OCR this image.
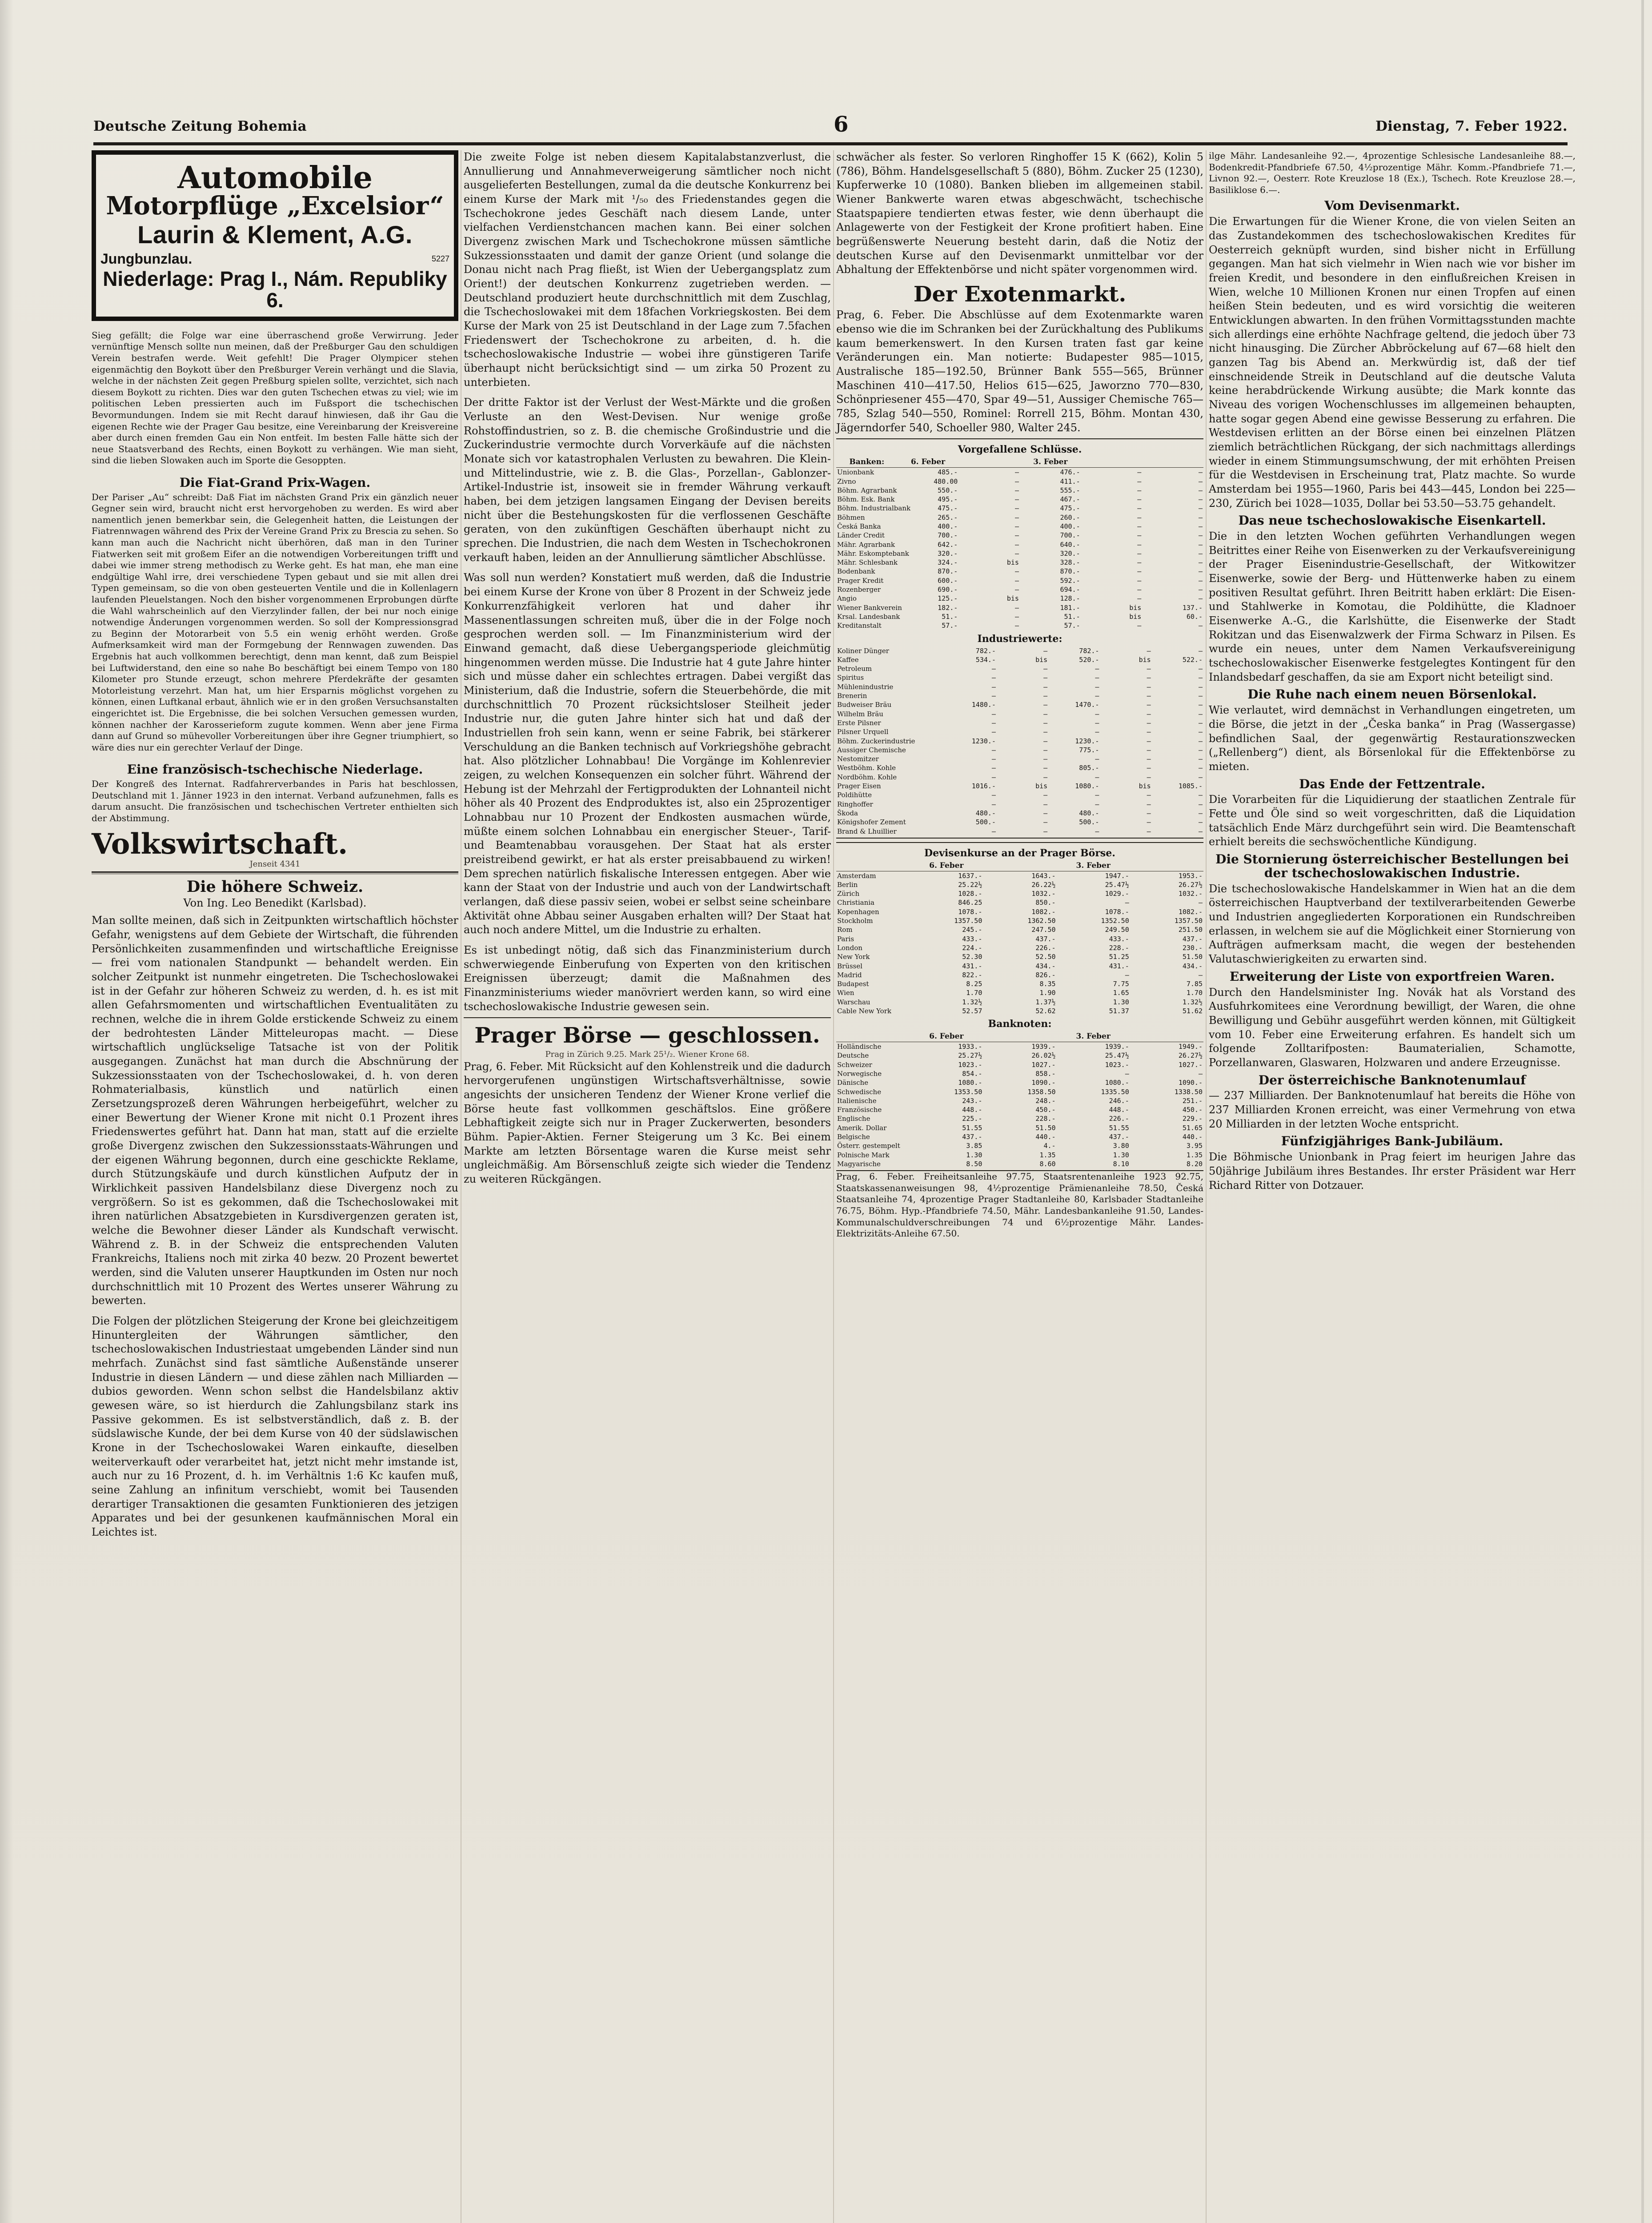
Deutsche Zeitung Bohemia	6	Dienstag, 7. Feber 1922.
Automobile
Motorpflüge „Excelsior“
Laurin & Klement, A.G.
Jungbunzlau.	5227
Niederlage: Prag I., Nám. Republiky 6.

Sieg gefällt; die Folge war eine überraschend große Verwirrung. Jeder vernünftige Mensch sollte nun meinen, daß der Preßburger Gau den schuldigen Verein bestrafen werde. Weit gefehlt! Die Prager Olympicer stehen eigenmächtig den Boykott über den Preßburger Verein verhängt und die Slavia, welche in der nächsten Zeit gegen Preßburg spielen sollte, verzichtet, sich nach diesem Boykott zu richten. Dies war den guten Tschechen etwas zu viel; wie im politischen Leben pressierten auch im Fußsport die tschechischen Bevormundungen. Indem sie mit Recht darauf hinwiesen, daß ihr Gau die eigenen Rechte wie der Prager Gau besitze, eine Vereinbarung der Kreisvereine aber durch einen fremden Gau ein Non entfeit. Im besten Falle hätte sich der neue Staatsverband des Rechts, einen Boykott zu verhängen. Wie man sieht, sind die lieben Slowaken auch im Sporte die Gesoppten.

Die Fiat-Grand Prix-Wagen.

Der Pariser „Au“ schreibt: Daß Fiat im nächsten Grand Prix ein gänzlich neuer Gegner sein wird, braucht nicht erst hervorgehoben zu werden. Es wird aber namentlich jenen bemerkbar sein, die Gelegenheit hatten, die Leistungen der Fiatrennwagen während des Prix der Vereine Grand Prix zu Brescia zu sehen. So kann man auch die Nachricht nicht überhören, daß man in den Turiner Fiatwerken seit mit großem Eifer an die notwendigen Vorbereitungen trifft und dabei wie immer streng methodisch zu Werke geht. Es hat man, ehe man eine endgültige Wahl irre, drei verschiedene Typen gebaut und sie mit allen drei Typen gemeinsam, so die von oben gesteuerten Ventile und die in Kollenlagern laufenden Pleuelstangen. Noch den bisher vorgenommenen Erprobungen dürfte die Wahl wahrscheinlich auf den Vierzylinder fallen, der bei nur noch einige notwendige Änderungen vorgenommen werden. So soll der Kompressionsgrad zu Beginn der Motorarbeit von 5.5 ein wenig erhöht werden. Große Aufmerksamkeit wird man der Formgebung der Rennwagen zuwenden. Das Ergebnis hat auch vollkommen berechtigt, denn man kennt, daß zum Beispiel bei Luftwiderstand, den eine so nahe Bo beschäftigt bei einem Tempo von 180 Kilometer pro Stunde erzeugt, schon mehrere Pferdekräfte der gesamten Motorleistung verzehrt. Man hat, um hier Ersparnis möglichst vorgehen zu können, einen Luftkanal erbaut, ähnlich wie er in den großen Versuchsanstalten eingerichtet ist. Die Ergebnisse, die bei solchen Versuchen gemessen wurden, können nachher der Karosserieform zugute kommen. Wenn aber jene Firma dann auf Grund so mühevoller Vorbereitungen über ihre Gegner triumphiert, so wäre dies nur ein gerechter Verlauf der Dinge.

Eine französisch-tschechische Niederlage.

Der Kongreß des Internat. Radfahrerverbandes in Paris hat beschlossen, Deutschland mit 1. Jänner 1923 in den internat. Verband aufzunehmen, falls es darum ansucht. Die französischen und tschechischen Vertreter enthielten sich der Abstimmung.

Volkswirtschaft.
Jenseit 4341
Die höhere Schweiz.
Von Ing. Leo Benedikt (Karlsbad).

Man sollte meinen, daß sich in Zeitpunkten wirtschaftlich höchster Gefahr, wenigstens auf dem Gebiete der Wirtschaft, die führenden Persönlichkeiten zusammenfinden und wirtschaftliche Ereignisse — frei vom nationalen Standpunkt — behandelt werden. Ein solcher Zeitpunkt ist nunmehr eingetreten. Die Tschechoslowakei ist in der Gefahr zur höheren Schweiz zu werden, d. h. es ist mit allen Gefahrsmomenten und wirtschaftlichen Eventualitäten zu rechnen, welche die in ihrem Golde erstickende Schweiz zu einem der bedrohtesten Länder Mitteleuropas macht. — Diese wirtschaftlich unglückselige Tatsache ist von der Politik ausgegangen. Zunächst hat man durch die Abschnürung der Sukzessionsstaaten von der Tschechoslowakei, d. h. von deren Rohmaterialbasis, künstlich und natürlich einen Zersetzungsprozeß deren Währungen herbeigeführt, welcher zu einer Bewertung der Wiener Krone mit nicht 0.1 Prozent ihres Friedenswertes geführt hat. Dann hat man, statt auf die erzielte große Divergenz zwischen den Sukzessionsstaats-Währungen und der eigenen Währung begonnen, durch eine geschickte Reklame, durch Stützungskäufe und durch künstlichen Aufputz der in Wirklichkeit passiven Handelsbilanz diese Divergenz noch zu vergrößern. So ist es gekommen, daß die Tschechoslowakei mit ihren natürlichen Absatzgebieten in Kursdivergenzen geraten ist, welche die Bewohner dieser Länder als Kundschaft verwischt. Während z. B. in der Schweiz die entsprechenden Valuten Frankreichs, Italiens noch mit zirka 40 bezw. 20 Prozent bewertet werden, sind die Valuten unserer Hauptkunden im Osten nur noch durchschnittlich mit 10 Prozent des Wertes unserer Währung zu bewerten.

Die Folgen der plötzlichen Steigerung der Krone bei gleichzeitigem Hinuntergleiten der Währungen sämtlicher, den tschechoslowakischen Industriestaat umgebenden Länder sind nun mehrfach. Zunächst sind fast sämtliche Außenstände unserer Industrie in diesen Ländern — und diese zählen nach Milliarden — dubios geworden. Wenn schon selbst die Handelsbilanz aktiv gewesen wäre, so ist hierdurch die Zahlungsbilanz stark ins Passive gekommen. Es ist selbstverständlich, daß z. B. der südslawische Kunde, der bei dem Kurse von 40 der südslawischen Krone in der Tschechoslowakei Waren einkaufte, dieselben weiterverkauft oder verarbeitet hat, jetzt nicht mehr imstande ist, auch nur zu 16 Prozent, d. h. im Verhältnis 1:6 Kc kaufen muß, seine Zahlung an infinitum verschiebt, womit bei Tausenden derartiger Transaktionen die gesamten Funktionieren des jetzigen Apparates und bei der gesunkenen kaufmännischen Moral ein Leichtes ist.

Die zweite Folge ist neben diesem Kapitalabstanzverlust, die Annullierung und Annahmeverweigerung sämtlicher noch nicht ausgelieferten Bestellungen, zumal da die deutsche Konkurrenz bei einem Kurse der Mark mit ¹/₅₀ des Friedenstandes gegen die Tschechokrone jedes Geschäft nach diesem Lande, unter vielfachen Verdienstchancen machen kann. Bei einer solchen Divergenz zwischen Mark und Tschechokrone müssen sämtliche Sukzessionsstaaten und damit der ganze Orient (und solange die Donau nicht nach Prag fließt, ist Wien der Uebergangsplatz zum Orient!) der deutschen Konkurrenz zugetrieben werden. — Deutschland produziert heute durchschnittlich mit dem Zuschlag, die Tschechoslowakei mit dem 18fachen Vorkriegskosten. Bei dem Kurse der Mark von 25 ist Deutschland in der Lage zum 7.5fachen Friedenswert der Tschechokrone zu arbeiten, d. h. die tschechoslowakische Industrie — wobei ihre günstigeren Tarife überhaupt nicht berücksichtigt sind — um zirka 50 Prozent zu unterbieten.

Der dritte Faktor ist der Verlust der West-Märkte und die großen Verluste an den West-Devisen. Nur wenige große Rohstoffindustrien, so z. B. die chemische Großindustrie und die Zuckerindustrie vermochte durch Vorverkäufe auf die nächsten Monate sich vor katastrophalen Verlusten zu bewahren. Die Klein- und Mittelindustrie, wie z. B. die Glas-, Porzellan-, Gablonzer-Artikel-Industrie ist, insoweit sie in fremder Währung verkauft haben, bei dem jetzigen langsamen Eingang der Devisen bereits nicht über die Bestehungskosten für die verflossenen Geschäfte geraten, von den zukünftigen Geschäften überhaupt nicht zu sprechen. Die Industrien, die nach dem Westen in Tschechokronen verkauft haben, leiden an der Annullierung sämtlicher Abschlüsse.

Was soll nun werden? Konstatiert muß werden, daß die Industrie bei einem Kurse der Krone von über 8 Prozent in der Schweiz jede Konkurrenzfähigkeit verloren hat und daher ihr Massenentlassungen schreiten muß, über die in der Folge noch gesprochen werden soll. — Im Finanzministerium wird der Einwand gemacht, daß diese Uebergangsperiode gleichmütig hingenommen werden müsse. Die Industrie hat 4 gute Jahre hinter sich und müsse daher ein schlechtes ertragen. Dabei vergißt das Ministerium, daß die Industrie, sofern die Steuerbehörde, die mit durchschnittlich 70 Prozent rücksichtsloser Steilheit jeder Industrie nur, die guten Jahre hinter sich hat und daß der Industriellen froh sein kann, wenn er seine Fabrik, bei stärkerer Verschuldung an die Banken technisch auf Vorkriegshöhe gebracht hat. Also plötzlicher Lohnabbau! Die Vorgänge im Kohlenrevier zeigen, zu welchen Konsequenzen ein solcher führt. Während der Hebung ist der Mehrzahl der Fertigprodukten der Lohnanteil nicht höher als 40 Prozent des Endproduktes ist, also ein 25prozentiger Lohnabbau nur 10 Prozent der Endkosten ausmachen würde, müßte einem solchen Lohnabbau ein energischer Steuer-, Tarif- und Beamtenabbau vorausgehen. Der Staat hat als erster preistreibend gewirkt, er hat als erster preisabbauend zu wirken! Dem sprechen natürlich fiskalische Interessen entgegen. Aber wie kann der Staat von der Industrie und auch von der Landwirtschaft verlangen, daß diese passiv seien, wobei er selbst seine scheinbare Aktivität ohne Abbau seiner Ausgaben erhalten will? Der Staat hat auch noch andere Mittel, um die Industrie zu erhalten.

Es ist unbedingt nötig, daß sich das Finanzministerium durch schwerwiegende Einberufung von Experten von den kritischen Ereignissen überzeugt; damit die Maßnahmen des Finanzministeriums wieder manövriert werden kann, so wird eine tschechoslowakische Industrie gewesen sein.

Prager Börse — geschlossen.
Prag in Zürich 9.25. Mark 25¹/₂. Wiener Krone 68.

Prag, 6. Feber. Mit Rücksicht auf den Kohlenstreik und die dadurch hervorgerufenen ungünstigen Wirtschaftsverhältnisse, sowie angesichts der unsicheren Tendenz der Wiener Krone verlief die Börse heute fast vollkommen geschäftslos. Eine größere Lebhaftigkeit zeigte sich nur in Prager Zuckerwerten, besonders Bühm. Papier-Aktien. Ferner Steigerung um 3 Kc. Bei einem Markte am letzten Börsentage waren die Kurse meist sehr ungleichmäßig. Am Börsenschluß zeigte sich wieder die Tendenz zu weiteren Rückgängen.

schwächer als fester. So verloren Ringhoffer 15 K (662), Kolin 5 (786), Böhm. Handelsgesellschaft 5 (880), Böhm. Zucker 25 (1230), Kupferwerke 10 (1080). Banken blieben im allgemeinen stabil. Wiener Bankwerte waren etwas abgeschwächt, tschechische Staatspapiere tendierten etwas fester, wie denn überhaupt die Anlagewerte von der Festigkeit der Krone profitiert haben. Eine begrüßenswerte Neuerung besteht darin, daß die Notiz der deutschen Kurse auf den Devisenmarkt unmittelbar vor der Abhaltung der Effektenbörse und nicht später vorgenommen wird.

Der Exotenmarkt.

Prag, 6. Feber. Die Abschlüsse auf dem Exotenmarkte waren ebenso wie die im Schranken bei der Zurückhaltung des Publikums kaum bemerkenswert. In den Kursen traten fast gar keine Veränderungen ein. Man notierte: Budapester 985—1015, Australische 185—192.50, Brünner Bank 555—565, Brünner Maschinen 410—417.50, Helios 615—625, Jaworzno 770—830, Schönpriesener 455—470, Spar 49—51, Aussiger Chemische 765—785, Szlag 540—550, Rominel: Rorrell 215, Böhm. Montan 430, Jägerndorfer 540, Schoeller 980, Walter 245.

Vorgefallene Schlüsse.
Banken:	6. Feber		3. Feber		
Unionbank	485.-	—	476.-	—	—
Zivno	480.00	—	411.-	—	—
Böhm. Agrarbank	550.-	—	555.-	—	—
Böhm. Esk. Bank	495.-	—	467.-	—	—
Böhm. Industrialbank	475.-	—	475.-	—	—
Böhmen	265.-	—	260.-	—	—
Česká Banka	400.-	—	400.-	—	—
Länder Credit	700.-	—	700.-	—	—
Mähr. Agrarbank	642.-	—	640.-	—	—
Mähr. Eskomptebank	320.-	—	320.-	—	—
Mähr. Schlesbank	324.-	bis	328.-	—	—
Bodenbank	870.-	—	870.-	—	—
Prager Kredit	600.-	—	592.-	—	—
Rozenberger	690.-	—	694.-	—	—
Angio	125.-	bis	128.-	—	—
Wiener Bankverein	182.-	—	181.-	bis	137.-
Krsal. Landesbank	51.-	—	51.-	bis	60.-
Kreditanstalt	57.-	—	57.-	—	—
Industriewerte:
Koliner Dünger	782.-	—	782.-	—	—
Kaffee	534.-	bis	520.-	bis	522.-
Petroleum	—	—	—	—	—
Spiritus	—	—	—	—	—
Mühlenindustrie	—	—	—	—	—
Brenerin	—	—	—	—	—
Budweiser Bräu	1480.-	—	1470.-	—	—
Wilhelm Bräu	—	—	—	—	—
Erste Pilsner	—	—	—	—	—
Pilsner Urquell	—	—	—	—	—
Böhm. Zuckerindustrie	1230.-	—	1230.-	—	—
Aussiger Chemische	—	—	775.-	—	—
Nestomitzer	—	—	—	—	—
Westböhm. Kohle	—	—	805.-	—	—
Nordböhm. Kohle	—	—	—	—	—
Prager Eisen	1016.-	bis	1080.-	bis	1085.-
Poldihütte	—	—	—	—	—
Ringhoffer	—	—	—	—	—
Škoda	480.-	—	480.-	—	—
Königshofer Zement	500.-	—	500.-	—	—
Brand & Lhuillier	—	—	—	—	—
Devisenkurse an der Prager Börse.
	6. Feber		3. Feber	
Amsterdam	1637.-	1643.-	1947.-	1953.-
Berlin	25.22½	26.22½	25.47½	26.27½
Zürich	1028.-	1032.-	1029.-	1032.-
Christiania	846.25	850.-	—	—
Kopenhagen	1078.-	1082.-	1078.-	1082.-
Stockholm	1357.50	1362.50	1352.50	1357.50
Rom	245.-	247.50	249.50	251.50
Paris	433.-	437.-	433.-	437.-
London	224.-	226.-	228.-	230.-
New York	52.30	52.50	51.25	51.50
Brüssel	431.-	434.-	431.-	434.-
Madrid	822.-	826.-	—	—
Budapest	8.25	8.35	7.75	7.85
Wien	1.70	1.90	1.65	1.70
Warschau	1.32½	1.37½	1.30	1.32½
Cable New York	52.57	52.62	51.37	51.62
Banknoten:
	6. Feber		3. Feber	
Holländische	1933.-	1939.-	1939.-	1949.-
Deutsche	25.27½	26.02½	25.47½	26.27½
Schweizer	1023.-	1027.-	1023.-	1027.-
Norwegische	854.-	858.-	—	—
Dänische	1080.-	1090.-	1080.-	1090.-
Schwedische	1353.50	1358.50	1335.50	1338.50
Italienische	243.-	248.-	246.-	251.-
Französische	448.-	450.-	448.-	450.-
Englische	225.-	228.-	226.-	229.-
Amerik. Dollar	51.55	51.50	51.55	51.65
Belgische	437.-	440.-	437.-	440.-
Österr. gestempelt	3.85	4.-	3.80	3.95
Polnische Mark	1.30	1.35	1.30	1.35
Magyarische	8.50	8.60	8.10	8.20

Prag, 6. Feber. Freiheitsanleihe 97.75, Staatsrentenanleihe 1923 92.75, Staatskassenanweisungen 98, 4½prozentige Prämienanleihe 78.50, Česká Staatsanleihe 74, 4prozentige Prager Stadtanleihe 80, Karlsbader Stadtanleihe 76.75, Böhm. Hyp.-Pfandbriefe 74.50, Mähr. Landesbankanleihe 91.50, Landes-Kommunalschuldverschreibungen 74 und 6½prozentige Mähr. Landes-Elektrizitäts-Anleihe 67.50.

ilge Mähr. Landesanleihe 92.—, 4prozentige Schlesische Landesanleihe 88.—, Bodenkredit-Pfandbriefe 67.50, 4½prozentige Mähr. Komm.-Pfandbriefe 71.—, Livnon 92.—, Oesterr. Rote Kreuzlose 18 (Ex.), Tschech. Rote Kreuzlose 28.—, Basiliklose 6.—.

Vom Devisenmarkt.

Die Erwartungen für die Wiener Krone, die von vielen Seiten an das Zustandekommen des tschechoslowakischen Kredites für Oesterreich geknüpft wurden, sind bisher nicht in Erfüllung gegangen. Man hat sich vielmehr in Wien nach wie vor bisher im freien Kredit, und besondere in den einflußreichen Kreisen in Wien, welche 10 Millionen Kronen nur einen Tropfen auf einen heißen Stein bedeuten, und es wird vorsichtig die weiteren Entwicklungen abwarten. In den frühen Vormittagsstunden machte sich allerdings eine erhöhte Nachfrage geltend, die jedoch über 73 nicht hinausging. Die Zürcher Abbröckelung auf 67—68 hielt den ganzen Tag bis Abend an. Merkwürdig ist, daß der tief einschneidende Streik in Deutschland auf die deutsche Valuta keine herabdrückende Wirkung ausübte; die Mark konnte das Niveau des vorigen Wochenschlusses im allgemeinen behaupten, hatte sogar gegen Abend eine gewisse Besserung zu erfahren. Die Westdevisen erlitten an der Börse einen bei einzelnen Plätzen ziemlich beträchtlichen Rückgang, der sich nachmittags allerdings wieder in einem Stimmungsumschwung, der mit erhöhten Preisen für die Westdevisen in Erscheinung trat, Platz machte. So wurde Amsterdam bei 1955—1960, Paris bei 443—445, London bei 225—230, Zürich bei 1028—1035, Dollar bei 53.50—53.75 gehandelt.

Das neue tschechoslowakische Eisenkartell.

Die in den letzten Wochen geführten Verhandlungen wegen Beitrittes einer Reihe von Eisenwerken zu der Verkaufsvereinigung der Prager Eisenindustrie-Gesellschaft, der Witkowitzer Eisenwerke, sowie der Berg- und Hüttenwerke haben zu einem positiven Resultat geführt. Ihren Beitritt haben erklärt: Die Eisen- und Stahlwerke in Komotau, die Poldihütte, die Kladnoer Eisenwerke A.-G., die Karlshütte, die Eisenwerke der Stadt Rokitzan und das Eisenwalzwerk der Firma Schwarz in Pilsen. Es wurde ein neues, unter dem Namen Verkaufsvereinigung tschechoslowakischer Eisenwerke festgelegtes Kontingent für den Inlandsbedarf geschaffen, da sie am Export nicht beteiligt sind.

Die Ruhe nach einem neuen Börsenlokal.

Wie verlautet, wird demnächst in Verhandlungen eingetreten, um die Börse, die jetzt in der „Česka banka“ in Prag (Wassergasse) befindlichen Saal, der gegenwärtig Restaurationszwecken („Rellenberg“) dient, als Börsenlokal für die Effektenbörse zu mieten.

Das Ende der Fettzentrale.

Die Vorarbeiten für die Liquidierung der staatlichen Zentrale für Fette und Öle sind so weit vorgeschritten, daß die Liquidation tatsächlich Ende März durchgeführt sein wird. Die Beamtenschaft erhielt bereits die sechswöchentliche Kündigung.

Die Stornierung österreichischer Bestellungen bei der tschechoslowakischen Industrie.

Die tschechoslowakische Handelskammer in Wien hat an die dem österreichischen Hauptverband der textilverarbeitenden Gewerbe und Industrien angegliederten Korporationen ein Rundschreiben erlassen, in welchem sie auf die Möglichkeit einer Stornierung von Aufträgen aufmerksam macht, die wegen der bestehenden Valutaschwierigkeiten zu erwarten sind.

Erweiterung der Liste von exportfreien Waren.

Durch den Handelsminister Ing. Novák hat als Vorstand des Ausfuhrkomitees eine Verordnung bewilligt, der Waren, die ohne Bewilligung und Gebühr ausgeführt werden können, mit Gültigkeit vom 10. Feber eine Erweiterung erfahren. Es handelt sich um folgende Zolltarifposten: Baumaterialien, Schamotte, Porzellanwaren, Glaswaren, Holzwaren und andere Erzeugnisse.

Der österreichische Banknotenumlauf

— 237 Milliarden. Der Banknotenumlauf hat bereits die Höhe von 237 Milliarden Kronen erreicht, was einer Vermehrung von etwa 20 Milliarden in der letzten Woche entspricht.

Fünfzigjähriges Bank-Jubiläum.

Die Böhmische Unionbank in Prag feiert im heurigen Jahre das 50jährige Jubiläum ihres Bestandes. Ihr erster Präsident war Herr Richard Ritter von Dotzauer.
